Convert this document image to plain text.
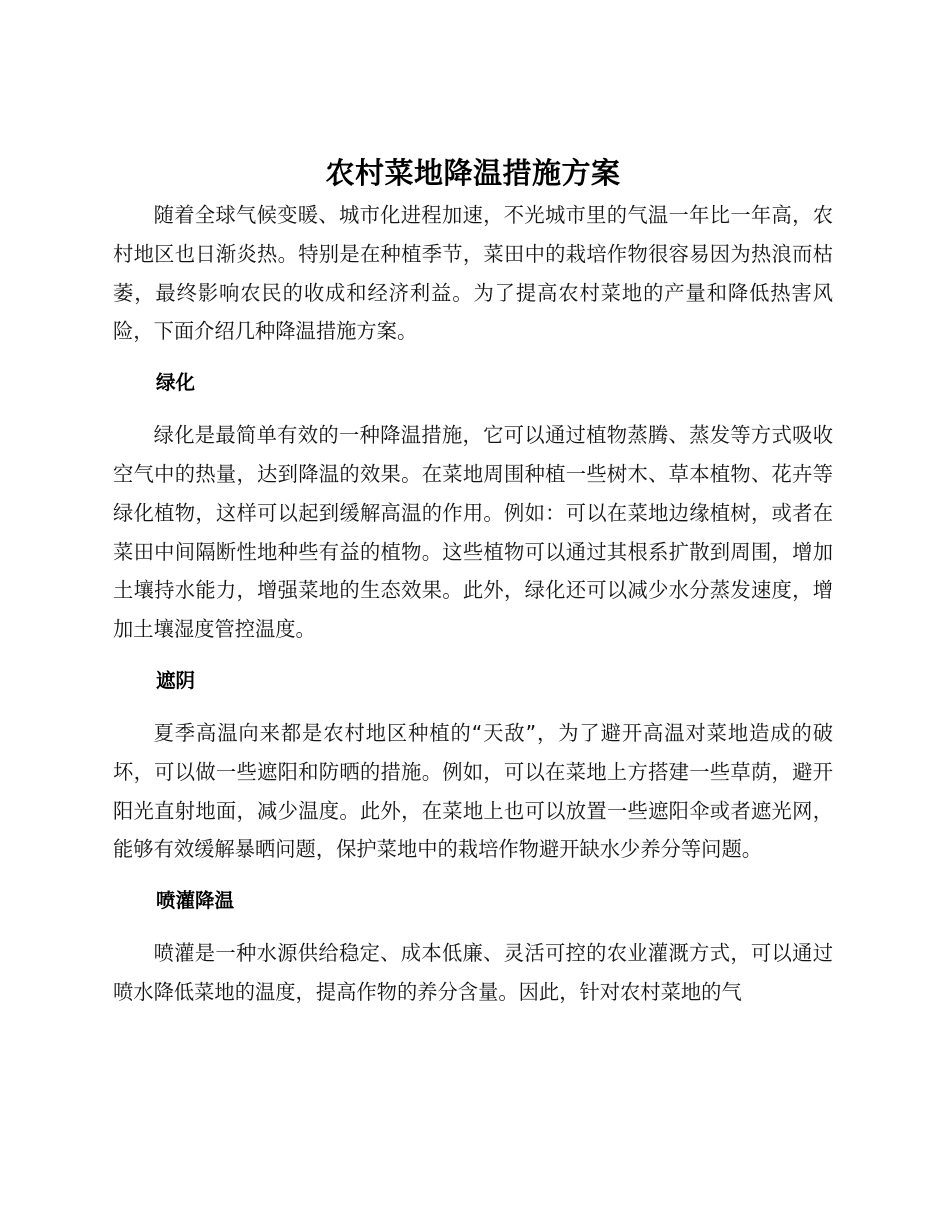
农村菜地降温措施方案

随着全球气候变暖、城市化进程加速，不光城市里的气温一年比一年高，农村地区也日渐炎热。特别是在种植季节，菜田中的栽培作物很容易因为热浪而枯萎，最终影响农民的收成和经济利益。为了提高农村菜地的产量和降低热害风险，下面介绍几种降温措施方案。

绿化

绿化是最简单有效的一种降温措施，它可以通过植物蒸腾、蒸发等方式吸收空气中的热量，达到降温的效果。在菜地周围种植一些树木、草本植物、花卉等绿化植物，这样可以起到缓解高温的作用。例如：可以在菜地边缘植树，或者在菜田中间隔断性地种些有益的植物。这些植物可以通过其根系扩散到周围，增加土壤持水能力，增强菜地的生态效果。此外，绿化还可以减少水分蒸发速度，增加土壤湿度管控温度。

遮阴

夏季高温向来都是农村地区种植的“天敌”，为了避开高温对菜地造成的破坏，可以做一些遮阳和防晒的措施。例如，可以在菜地上方搭建一些草荫，避开阳光直射地面，减少温度。此外，在菜地上也可以放置一些遮阳伞或者遮光网，能够有效缓解暴晒问题，保护菜地中的栽培作物避开缺水少养分等问题。

喷灌降温

喷灌是一种水源供给稳定、成本低廉、灵活可控的农业灌溉方式，可以通过喷水降低菜地的温度，提高作物的养分含量。因此，针对农村菜地的气
